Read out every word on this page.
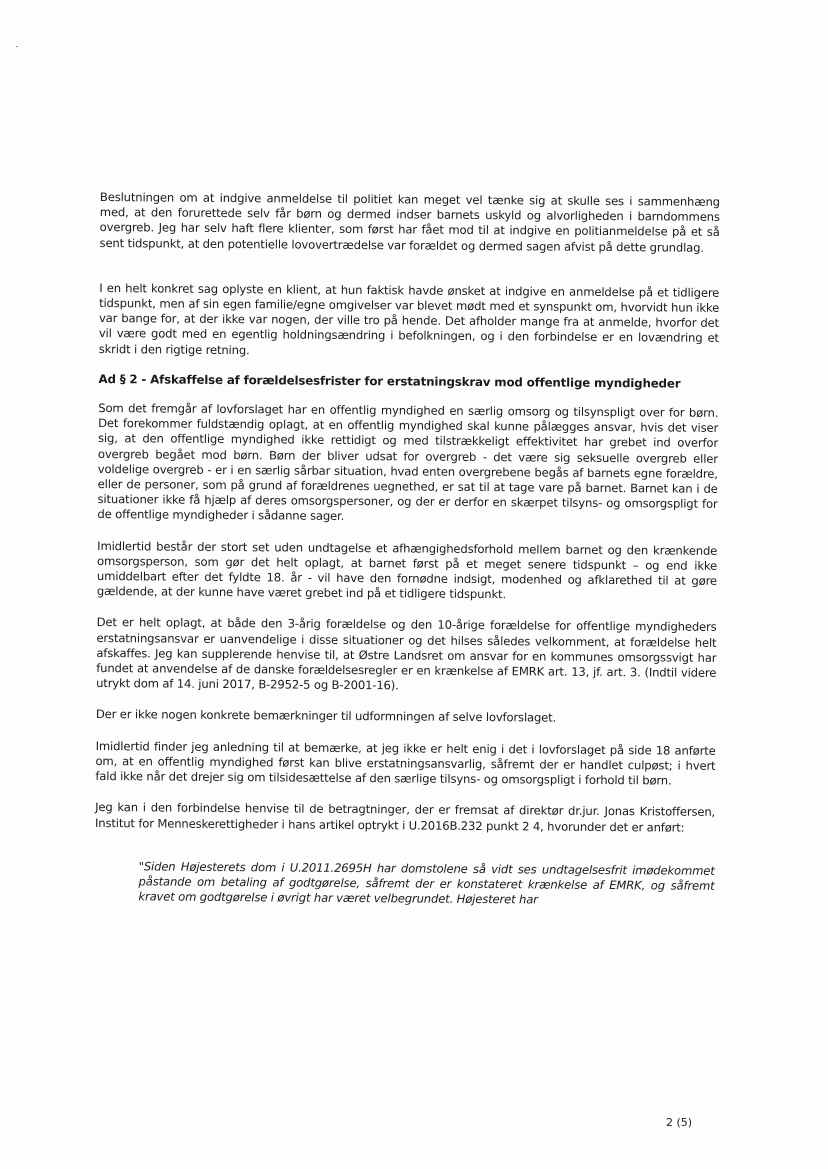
Beslutningen om at indgive anmeldelse til politiet kan meget vel tænke sig at skulle ses i sammenhæng med, at den forurettede selv får børn og dermed indser barnets uskyld og alvorligheden i barndommens overgreb. Jeg har selv haft flere klienter, som først har fået mod til at indgive en politianmeldelse på et så sent tidspunkt, at den potentielle lovovertrædelse var forældet og dermed sagen afvist på dette grundlag.

I en helt konkret sag oplyste en klient, at hun faktisk havde ønsket at indgive en anmeldelse på et tidligere tidspunkt, men af sin egen familie/egne omgivelser var blevet mødt med et synspunkt om, hvorvidt hun ikke var bange for, at der ikke var nogen, der ville tro på hende. Det afholder mange fra at anmelde, hvorfor det vil være godt med en egentlig holdningsændring i befolkningen, og i den forbindelse er en lovændring et skridt i den rigtige retning.

Ad § 2 - Afskaffelse af forældelsesfrister for erstatningskrav mod offentlige myndigheder

Som det fremgår af lovforslaget har en offentlig myndighed en særlig omsorg og tilsynspligt over for børn. Det forekommer fuldstændig oplagt, at en offentlig myndighed skal kunne pålægges ansvar, hvis det viser sig, at den offentlige myndighed ikke rettidigt og med tilstrækkeligt effektivitet har grebet ind overfor overgreb begået mod børn. Børn der bliver udsat for overgreb - det være sig seksuelle overgreb eller voldelige overgreb - er i en særlig sårbar situation, hvad enten overgrebene begås af barnets egne forældre, eller de personer, som på grund af forældrenes uegnethed, er sat til at tage vare på barnet. Barnet kan i de situationer ikke få hjælp af deres omsorgspersoner, og der er derfor en skærpet tilsyns- og omsorgspligt for de offentlige myndigheder i sådanne sager.

Imidlertid består der stort set uden undtagelse et afhængighedsforhold mellem barnet og den krænkende omsorgsperson, som gør det helt oplagt, at barnet først på et meget senere tidspunkt – og end ikke umiddelbart efter det fyldte 18. år - vil have den fornødne indsigt, modenhed og afklarethed til at gøre gældende, at der kunne have været grebet ind på et tidligere tidspunkt.

Det er helt oplagt, at både den 3-årig forældelse og den 10-årige forældelse for offentlige myndigheders erstatningsansvar er uanvendelige i disse situationer og det hilses således velkomment, at forældelse helt afskaffes. Jeg kan supplerende henvise til, at Østre Landsret om ansvar for en kommunes omsorgssvigt har fundet at anvendelse af de danske forældelsesregler er en krænkelse af EMRK art. 13, jf. art. 3. (Indtil videre utrykt dom af 14. juni 2017, B-2952-5 og B-2001-16).

Der er ikke nogen konkrete bemærkninger til udformningen af selve lovforslaget.

Imidlertid finder jeg anledning til at bemærke, at jeg ikke er helt enig i det i lovforslaget på side 18 anførte om, at en offentlig myndighed først kan blive erstatningsansvarlig, såfremt der er handlet culpøst; i hvert fald ikke når det drejer sig om tilsidesættelse af den særlige tilsyns- og omsorgspligt i forhold til børn.

Jeg kan i den forbindelse henvise til de betragtninger, der er fremsat af direktør dr.jur. Jonas Kristoffersen, Institut for Menneskerettigheder i hans artikel optrykt i U.2016B.232 punkt 2 4, hvorunder det er anført:

"Siden Højesterets dom i U.2011.2695H har domstolene så vidt ses undtagelsesfrit imødekommet påstande om betaling af godtgørelse, såfremt der er konstateret krænkelse af EMRK, og såfremt kravet om godtgørelse i øvrigt har været velbegrundet. Højesteret har

2 (5)
